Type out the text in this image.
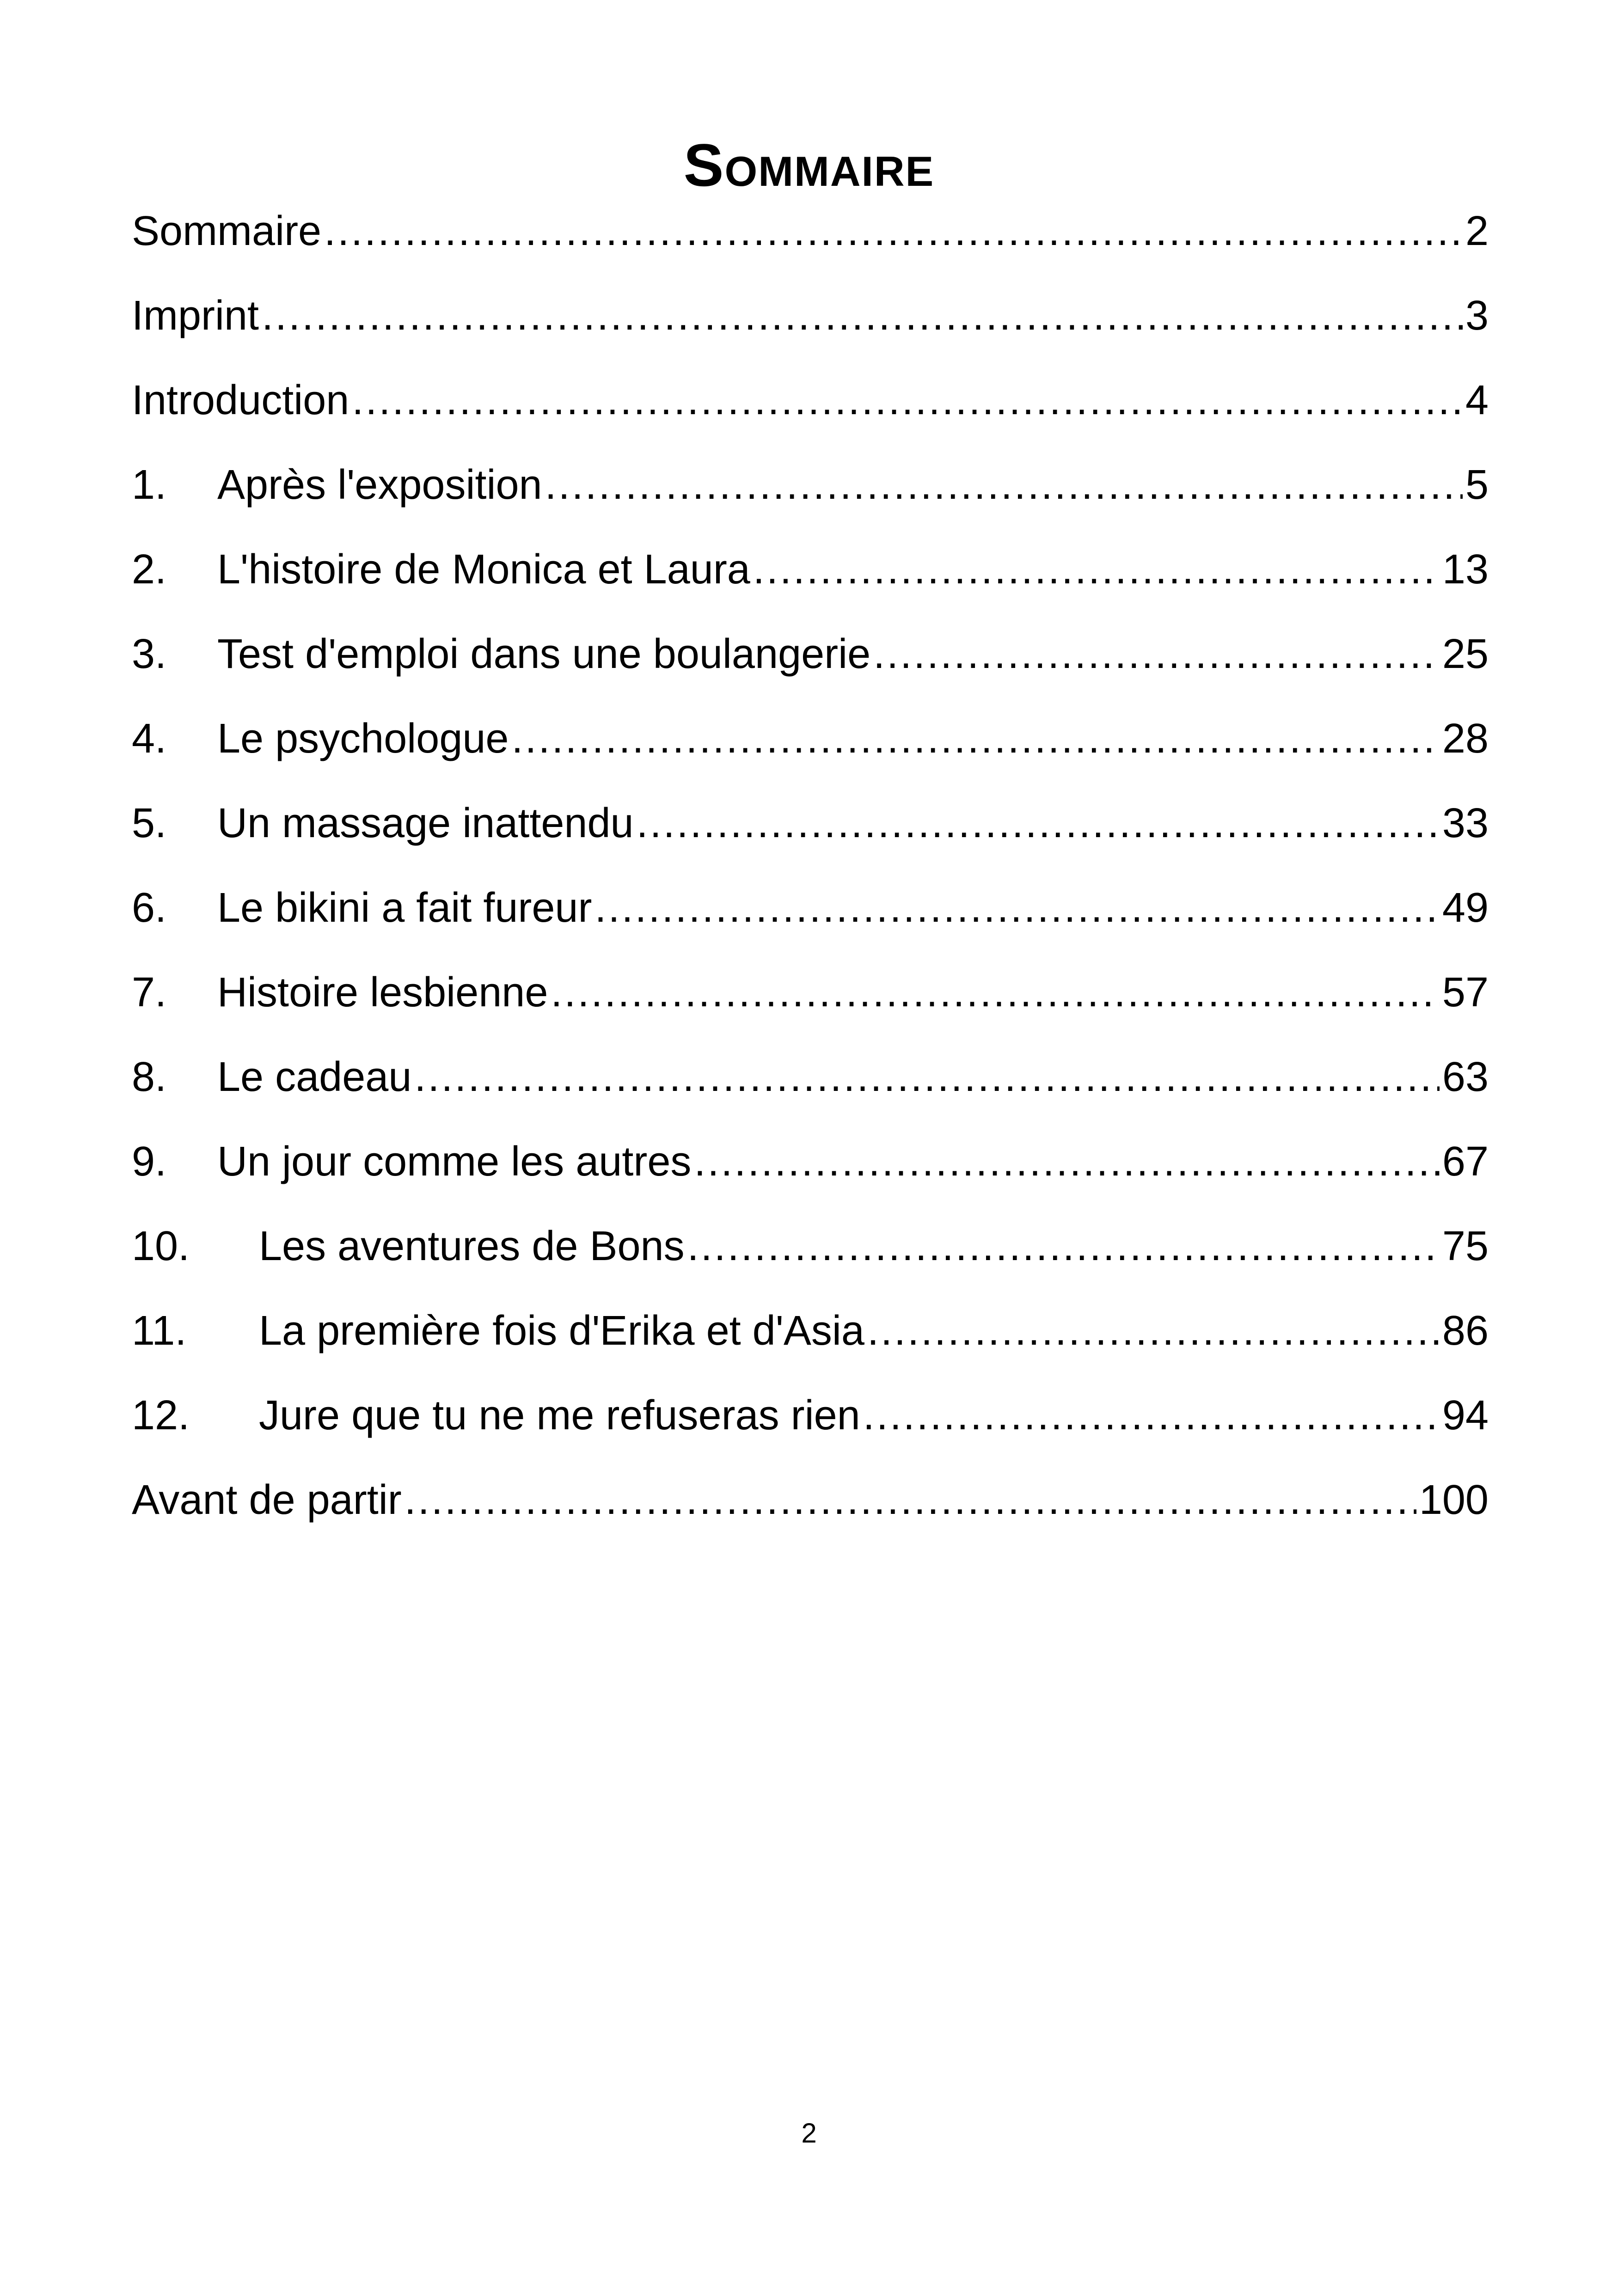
Sommaire
Sommaire .....	2
Imprint .....	3
Introduction .....	4
1.	Après l'exposition .....	5
2.	L'histoire de Monica et Laura .....	13
3.	Test d'emploi dans une boulangerie .....	25
4.	Le psychologue .....	28
5.	Un massage inattendu .....	33
6.	Le bikini a fait fureur .....	49
7.	Histoire lesbienne .....	57
8.	Le cadeau .....	63
9.	Un jour comme les autres .....	67
10.	Les aventures de Bons .....	75
11.	La première fois d'Erika et d'Asia .....	86
12.	Jure que tu ne me refuseras rien .....	94
Avant de partir .....	100
2
